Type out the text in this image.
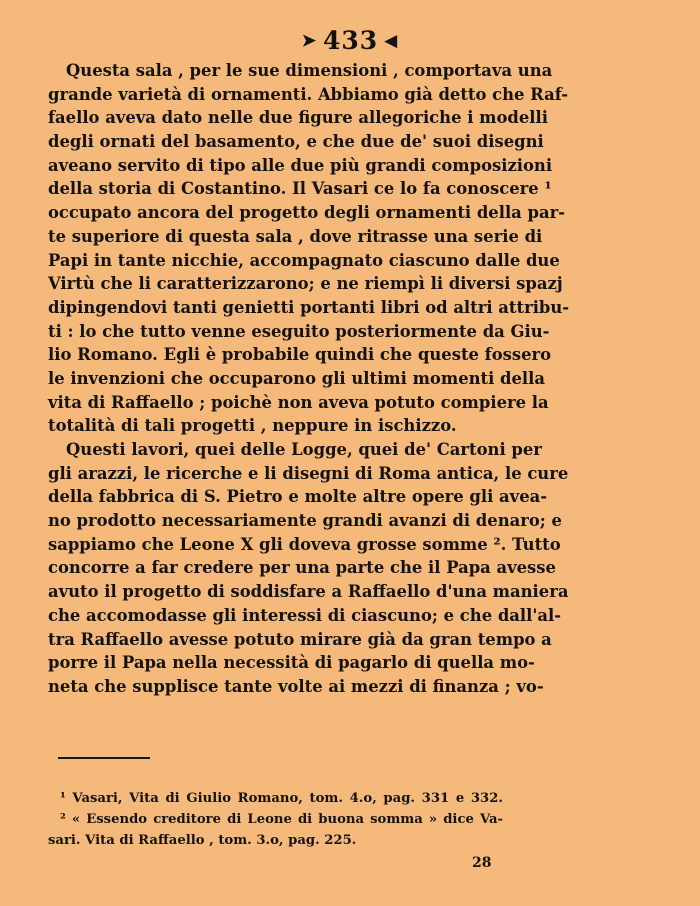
➤ 433 ◀
Questa sala , per le sue dimensioni , comportava una
grande varietà di ornamenti. Abbiamo già detto che Raf-
faello aveva dato nelle due figure allegoriche i modelli
degli ornati del basamento, e che due de' suoi disegni
aveano servito di tipo alle due più grandi composizioni
della storia di Costantino. Il Vasari ce lo fa conoscere ¹
occupato ancora del progetto degli ornamenti della par-
te superiore di questa sala , dove ritrasse una serie di
Papi in tante nicchie, accompagnato ciascuno dalle due
Virtù che li caratterizzarono; e ne riempì li diversi spazj
dipingendovi tanti genietti portanti libri od altri attribu-
ti : lo che tutto venne eseguito posteriormente da Giu-
lio Romano. Egli è probabile quindi che queste fossero
le invenzioni che occuparono gli ultimi momenti della
vita di Raffaello ; poichè non aveva potuto compiere la
totalità di tali progetti , neppure in ischizzo.
Questi lavori, quei delle Logge, quei de' Cartoni per
gli arazzi, le ricerche e li disegni di Roma antica, le cure
della fabbrica di S. Pietro e molte altre opere gli avea-
no prodotto necessariamente grandi avanzi di denaro; e
sappiamo che Leone X gli doveva grosse somme ². Tutto
concorre a far credere per una parte che il Papa avesse
avuto il progetto di soddisfare a Raffaello d'una maniera
che accomodasse gli interessi di ciascuno; e che dall'al-
tra Raffaello avesse potuto mirare già da gran tempo a
porre il Papa nella necessità di pagarlo di quella mo-
neta che supplisce tante volte ai mezzi di finanza ; vo-
¹ Vasari, Vita di Giulio Romano, tom. 4.o, pag. 331 e 332.
² « Essendo creditore di Leone di buona somma » dice Va-
sari. Vita di Raffaello , tom. 3.o, pag. 225.
28
